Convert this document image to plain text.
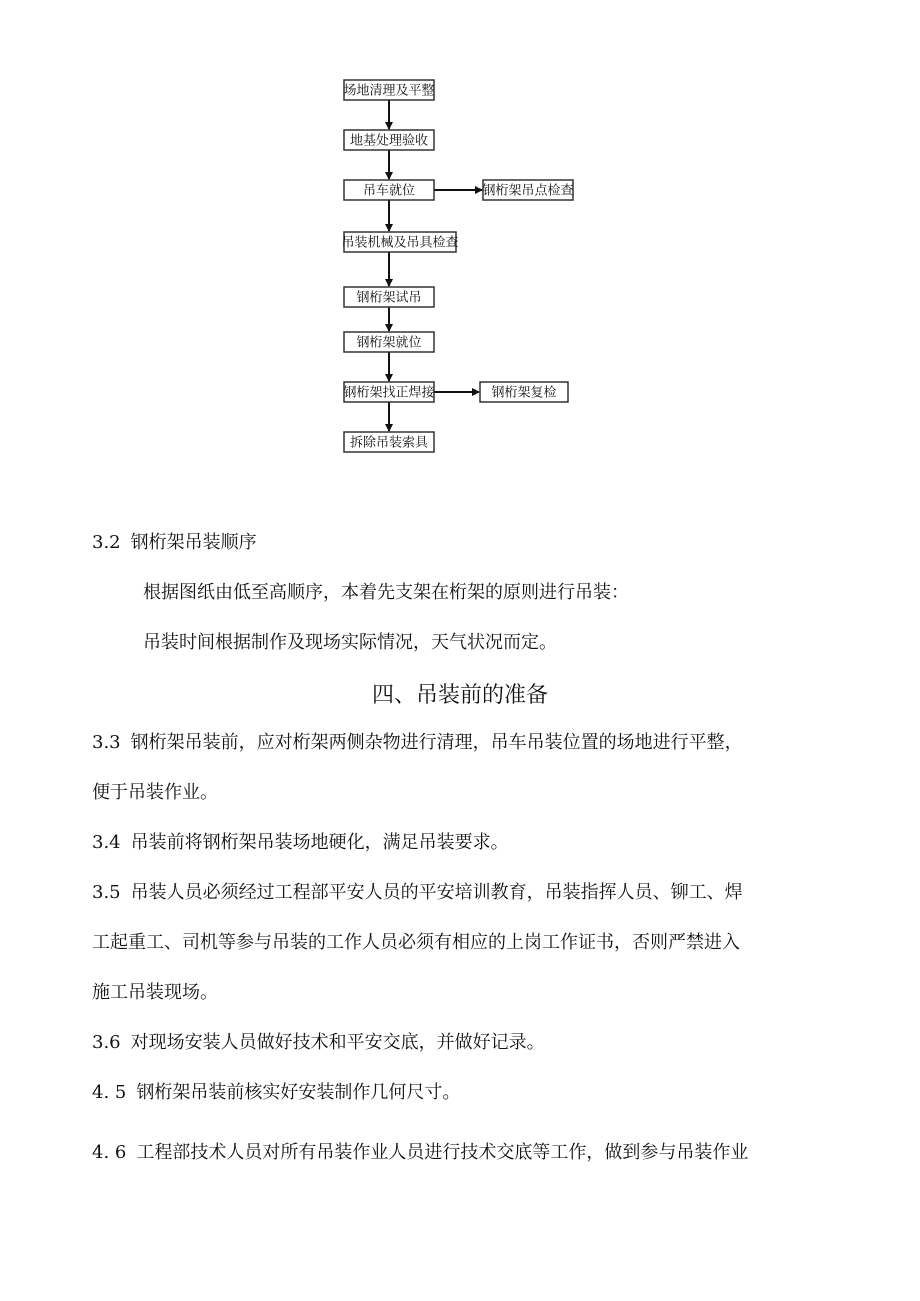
场地清理及平整
地基处理验收
吊车就位
吊装机械及吊具检查
钢桁架试吊
钢桁架就位
钢桁架找正焊接
拆除吊装索具
钢桁架吊点检查
钢桁架复检

3.2 钢桁架吊装顺序

根据图纸由低至高顺序，本着先支架在桁架的原则进行吊装：

吊装时间根据制作及现场实际情况，天气状况而定。

四、吊装前的准备

3.3 钢桁架吊装前，应对桁架两侧杂物进行清理，吊车吊装位置的场地进行平整，

便于吊装作业。

3.4 吊装前将钢桁架吊装场地硬化，满足吊装要求。

3.5 吊装人员必须经过工程部平安人员的平安培训教育，吊装指挥人员、铆工、焊

工起重工、司机等参与吊装的工作人员必须有相应的上岗工作证书，否则严禁进入

施工吊装现场。

3.6 对现场安装人员做好技术和平安交底，并做好记录。

4. 5 钢桁架吊装前核实好安装制作几何尺寸。

4. 6 工程部技术人员对所有吊装作业人员进行技术交底等工作，做到参与吊装作业
